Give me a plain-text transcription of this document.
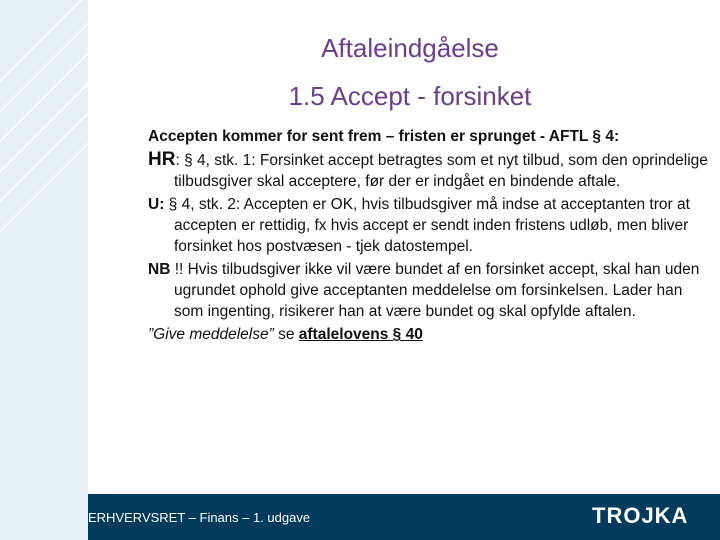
Aftaleindgåelse
1.5 Accept - forsinket

Accepten kommer for sent frem – fristen er sprunget - AFTL § 4:

HR: § 4, stk. 1: Forsinket accept betragtes som et nyt tilbud, som den oprindelige tilbudsgiver skal acceptere, før der er indgået en bindende aftale.

U: § 4, stk. 2: Accepten er OK, hvis tilbudsgiver må indse at acceptanten tror at accepten er rettidig, fx hvis accept er sendt inden fristens udløb, men bliver forsinket hos postvæsen - tjek datostempel.

NB !! Hvis tilbudsgiver ikke vil være bundet af en forsinket accept, skal han uden ugrundet ophold give acceptanten meddelelse om forsinkelsen. Lader han som ingenting, risikerer han at være bundet og skal opfylde aftalen.

”Give meddelelse” se aftalelovens § 40

ERHVERVSRET – Finans – 1. udgave	TROJKA
